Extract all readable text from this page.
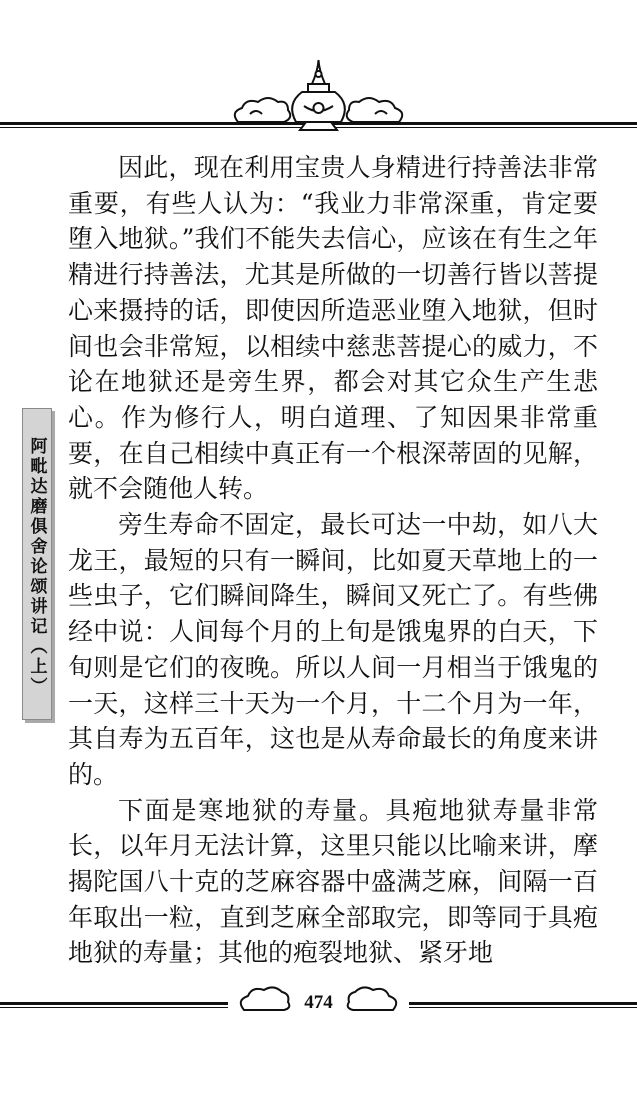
阿毗达磨俱舍论颂讲记（上）

因此，现在利用宝贵人身精进行持善法非常重要，有些人认为：“我业力非常深重，肯定要堕入地狱。”我们不能失去信心，应该在有生之年精进行持善法，尤其是所做的一切善行皆以菩提心来摄持的话，即使因所造恶业堕入地狱，但时间也会非常短，以相续中慈悲菩提心的威力，不论在地狱还是旁生界，都会对其它众生产生悲心。作为修行人，明白道理、了知因果非常重要，在自己相续中真正有一个根深蒂固的见解，就不会随他人转。

旁生寿命不固定，最长可达一中劫，如八大龙王，最短的只有一瞬间，比如夏天草地上的一些虫子，它们瞬间降生，瞬间又死亡了。有些佛经中说：人间每个月的上旬是饿鬼界的白天，下旬则是它们的夜晚。所以人间一月相当于饿鬼的一天，这样三十天为一个月，十二个月为一年，其自寿为五百年，这也是从寿命最长的角度来讲的。

下面是寒地狱的寿量。具疱地狱寿量非常长，以年月无法计算，这里只能以比喻来讲，摩揭陀国八十克的芝麻容器中盛满芝麻，间隔一百年取出一粒，直到芝麻全部取完，即等同于具疱地狱的寿量；其他的疱裂地狱、紧牙地

474
